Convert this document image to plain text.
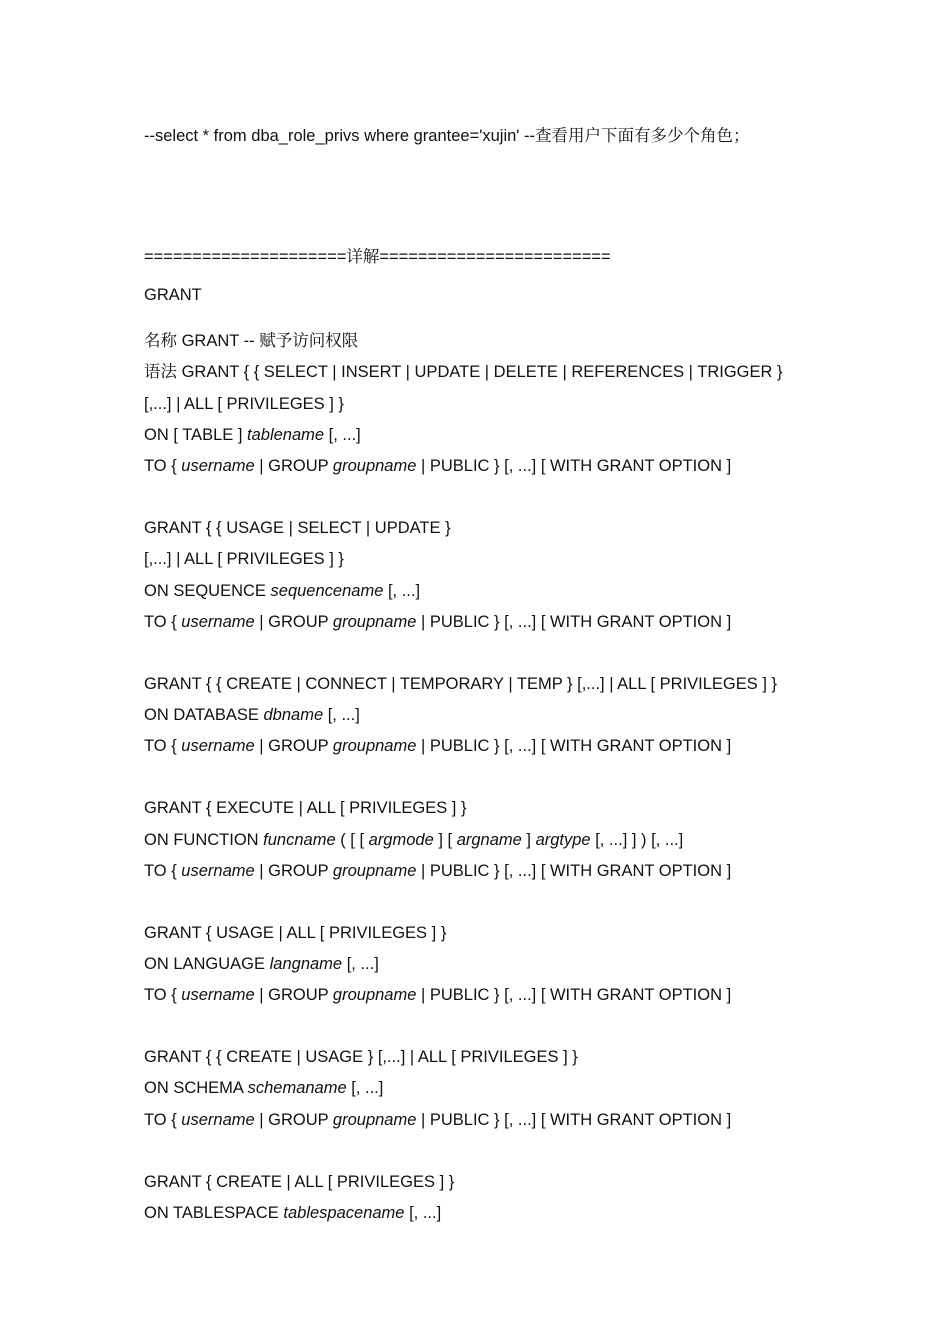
--select * from dba_role_privs where grantee='xujin' --查看用户下面有多少个角色；
=====================详解========================
GRANT
名称 GRANT -- 赋予访问权限
语法 GRANT { { SELECT | INSERT | UPDATE | DELETE | REFERENCES | TRIGGER }
[,...] | ALL [ PRIVILEGES ] }
ON [ TABLE ] tablename [, ...]
TO { username | GROUP groupname | PUBLIC } [, ...] [ WITH GRANT OPTION ]
GRANT { { USAGE | SELECT | UPDATE }
[,...] | ALL [ PRIVILEGES ] }
ON SEQUENCE sequencename [, ...]
TO { username | GROUP groupname | PUBLIC } [, ...] [ WITH GRANT OPTION ]
GRANT { { CREATE | CONNECT | TEMPORARY | TEMP } [,...] | ALL [ PRIVILEGES ] }
ON DATABASE dbname [, ...]
TO { username | GROUP groupname | PUBLIC } [, ...] [ WITH GRANT OPTION ]
GRANT { EXECUTE | ALL [ PRIVILEGES ] }
ON FUNCTION funcname ( [ [ argmode ] [ argname ] argtype [, ...] ] ) [, ...]
TO { username | GROUP groupname | PUBLIC } [, ...] [ WITH GRANT OPTION ]
GRANT { USAGE | ALL [ PRIVILEGES ] }
ON LANGUAGE langname [, ...]
TO { username | GROUP groupname | PUBLIC } [, ...] [ WITH GRANT OPTION ]
GRANT { { CREATE | USAGE } [,...] | ALL [ PRIVILEGES ] }
ON SCHEMA schemaname [, ...]
TO { username | GROUP groupname | PUBLIC } [, ...] [ WITH GRANT OPTION ]
GRANT { CREATE | ALL [ PRIVILEGES ] }
ON TABLESPACE tablespacename [, ...]
